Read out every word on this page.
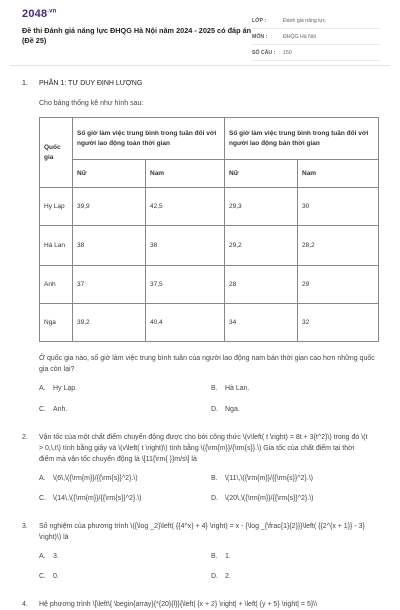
$2048^{.vn}$
Đề thi Đánh giá năng lực ĐHQG Hà Nội năm 2024 - 2025 có đáp án (Đề 25)
LỚP :	Đánh giá năng lực
MÔN :	ĐHQG Hà Nội
SỐ CÂU :	150
1.	PHẦN 1: TƯ DUY ĐỊNH LƯỢNG
Cho bảng thống kê như hình sau:
Quốc gia	Số giờ làm việc trung bình trong tuần đối với người lao động toàn thời gian		Số giờ làm việc trung bình trong tuần đối với người lao động bán thời gian	
	Nữ	Nam	Nữ	Nam
Hy Lạp	39,9	42,5	29,3	30
Hà Lan	38	38	29,2	28,2
Anh	37	37,5	28	29
Nga	39,2	40,4	34	32
Ở quốc gia nào, số giờ làm việc trung bình tuần của người lao động nam bán thời gian cao hơn những quốc gia còn lại?
A.	Hy Lạp.	B.	Hà Lan.
C.	Anh.	D.	Nga.
2.	Vận tốc của một chất điểm chuyển động được cho bởi công thức \(v\left( t \right) = 8t + 3{t^2}\) trong đó \(t > 0,\,t\) tính bằng giây và \(v\left( t \right)\) tính bằng \({\rm{m}}/{\rm{s}}.\) Gia tốc của chất điểm tại thời điểm mà vận tốc chuyển động là \[11{\rm{ }}m/s\] là
A.	\(6\,\({\rm{m}}/{{\rm{s}}^2}.\)	B.	\(11\,\({\rm{m}}/{{\rm{s}}^2}.\)
C.	\(14\,\({\rm{m}}/{{\rm{s}}^2}.\)	D.	\(20\,\({\rm{m}}/{{\rm{s}}^2}.\)
3.	Số nghiệm của phương trình \({\log _2}\left( {{4^x} + 4} \right) = x - {\log _{\frac{1}{2}}}\left( {{2^{x + 1}} - 3} \right)\) là
A.	3.	B.	1.
C.	0.	D.	2.
4.	Hệ phương trình \[\left\{ \begin{array}{*{20}{l}}{\left| {x + 2} \right| + \left| {y + 5} \right| = 5}\\
